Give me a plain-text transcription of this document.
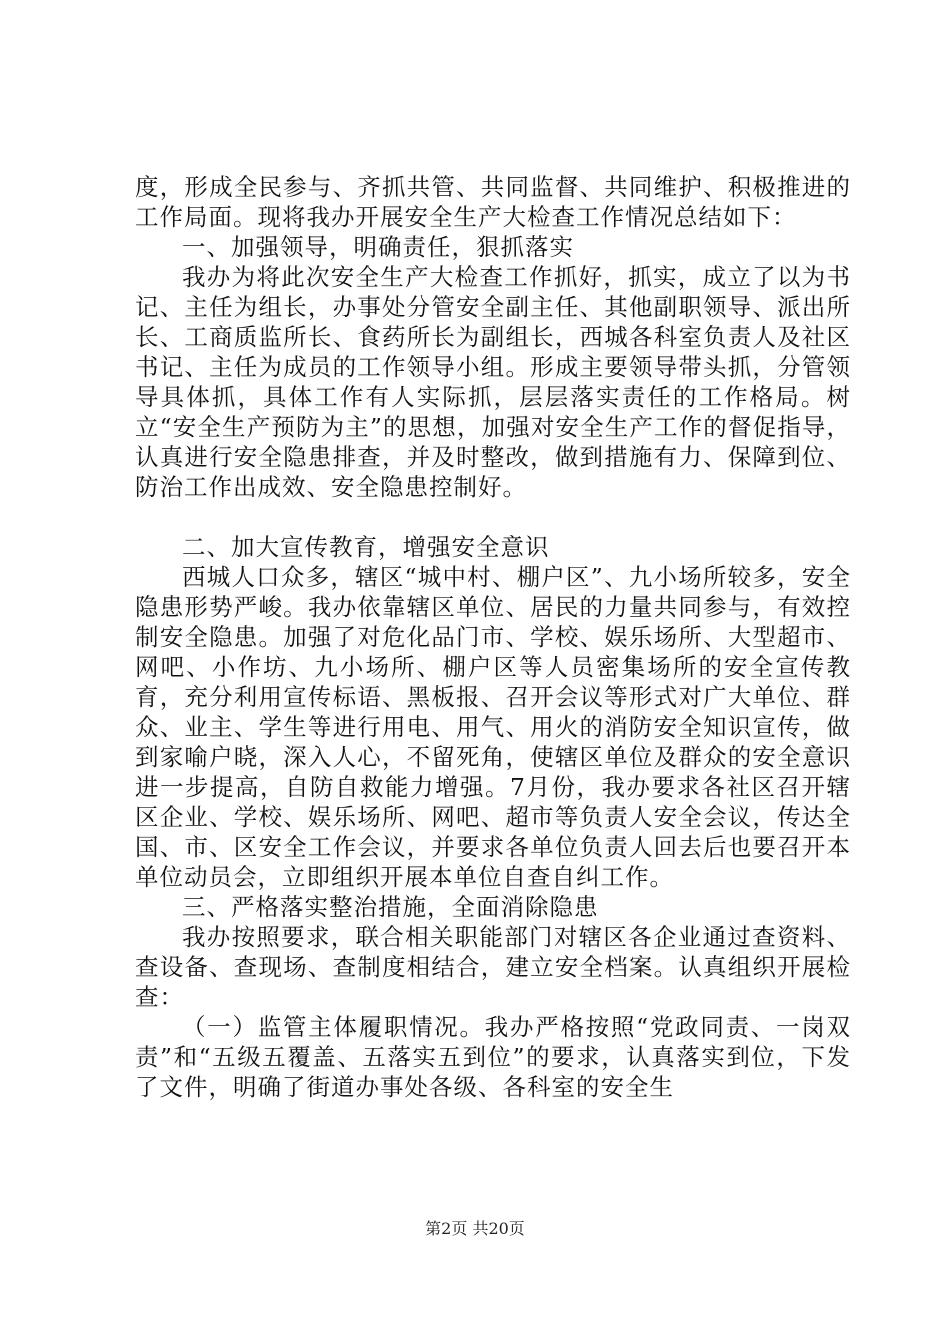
度，形成全民参与、齐抓共管、共同监督、共同维护、积极推进的工作局面。现将我办开展安全生产大检查工作情况总结如下：

一、加强领导，明确责任，狠抓落实

我办为将此次安全生产大检查工作抓好，抓实，成立了以为书记、主任为组长，办事处分管安全副主任、其他副职领导、派出所长、工商质监所长、食药所长为副组长，西城各科室负责人及社区书记、主任为成员的工作领导小组。形成主要领导带头抓，分管领导具体抓，具体工作有人实际抓，层层落实责任的工作格局。树立“安全生产预防为主”的思想，加强对安全生产工作的督促指导，认真进行安全隐患排查，并及时整改，做到措施有力、保障到位、防治工作出成效、安全隐患控制好。

二、加大宣传教育，增强安全意识

西城人口众多，辖区“城中村、棚户区”、九小场所较多，安全隐患形势严峻。我办依靠辖区单位、居民的力量共同参与，有效控制安全隐患。加强了对危化品门市、学校、娱乐场所、大型超市、网吧、小作坊、九小场所、棚户区等人员密集场所的安全宣传教育，充分利用宣传标语、黑板报、召开会议等形式对广大单位、群众、业主、学生等进行用电、用气、用火的消防安全知识宣传，做到家喻户晓，深入人心，不留死角，使辖区单位及群众的安全意识进一步提高，自防自救能力增强。7月份，我办要求各社区召开辖区企业、学校、娱乐场所、网吧、超市等负责人安全会议，传达全国、市、区安全工作会议，并要求各单位负责人回去后也要召开本单位动员会，立即组织开展本单位自查自纠工作。

三、严格落实整治措施，全面消除隐患

我办按照要求，联合相关职能部门对辖区各企业通过查资料、查设备、查现场、查制度相结合，建立安全档案。认真组织开展检查：

（一）监管主体履职情况。我办严格按照“党政同责、一岗双责”和“五级五覆盖、五落实五到位”的要求，认真落实到位，下发了文件，明确了街道办事处各级、各科室的安全生

第2页 共20页
